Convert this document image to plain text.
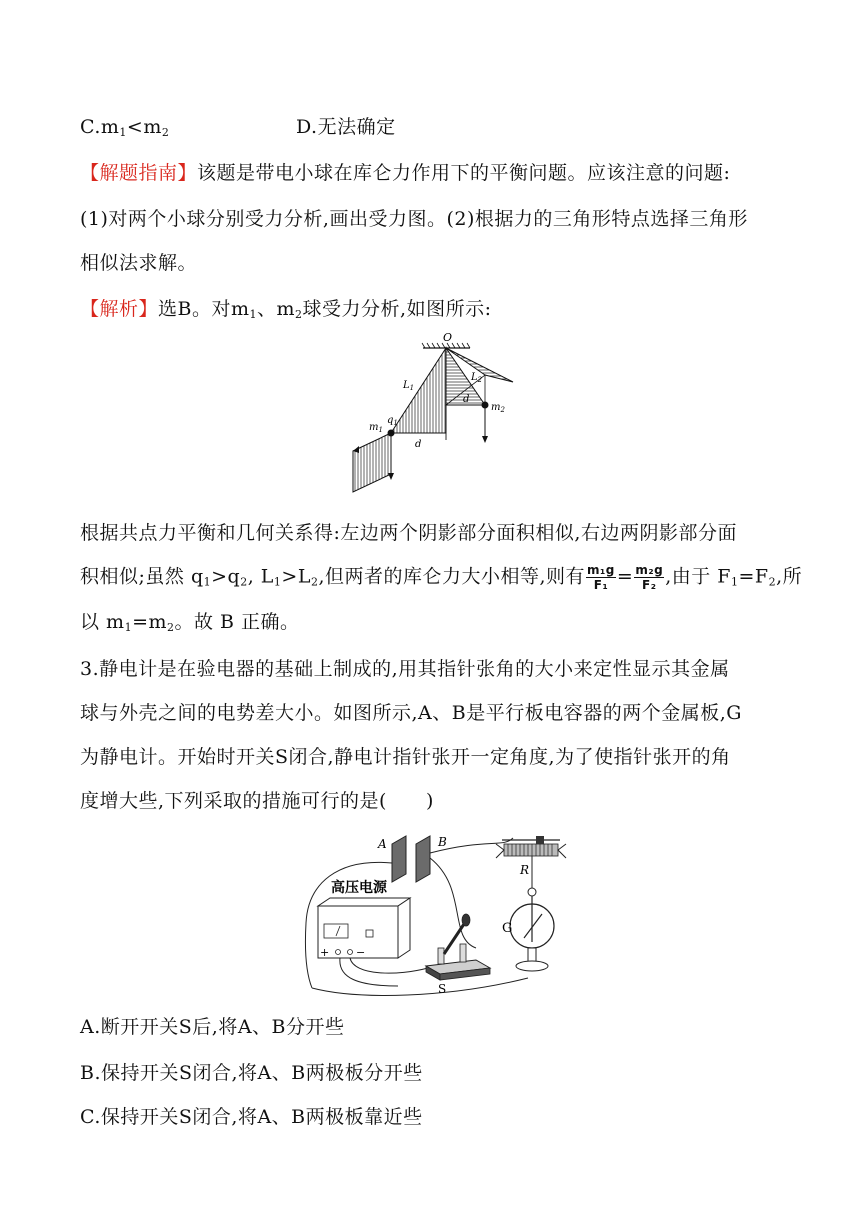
$C.m_1<m_2$	D.无法确定
【解题指南】该题是带电小球在库仑力作用下的平衡问题。应该注意的问题:
(1)对两个小球分别受力分析,画出受力图。(2)根据力的三角形特点选择三角形
相似法求解。
【解析】选B。对$m_1$、$m_2$球受力分析,如图所示:
O
$L_1$
$L_2$
d
d
$q_1$
$m_1$
$m_2$
根据共点力平衡和几何关系得:左边两个阴影部分面积相似,右边两阴影部分面
积相似;虽然 $q_1>q_2$, $L_1>L_2$,但两者的库仑力大小相等,则有 $\frac{\text{m₁g}}{\text{F₁}} = \frac{\text{m₂g}}{\text{F₂}}$ ,由于 $F_1=F_2$,所
以 $m_1=m_2$。故 B 正确。
3.静电计是在验电器的基础上制成的,用其指针张角的大小来定性显示其金属
球与外壳之间的电势差大小。如图所示,A、B是平行板电容器的两个金属板,G
为静电计。开始时开关S闭合,静电计指针张开一定角度,为了使指针张开的角
度增大些,下列采取的措施可行的是(　　)
A	B
高压电源
+ −
S
R
G
A.断开开关S后,将A、B分开些
B.保持开关S闭合,将A、B两极板分开些
C.保持开关S闭合,将A、B两极板靠近些
